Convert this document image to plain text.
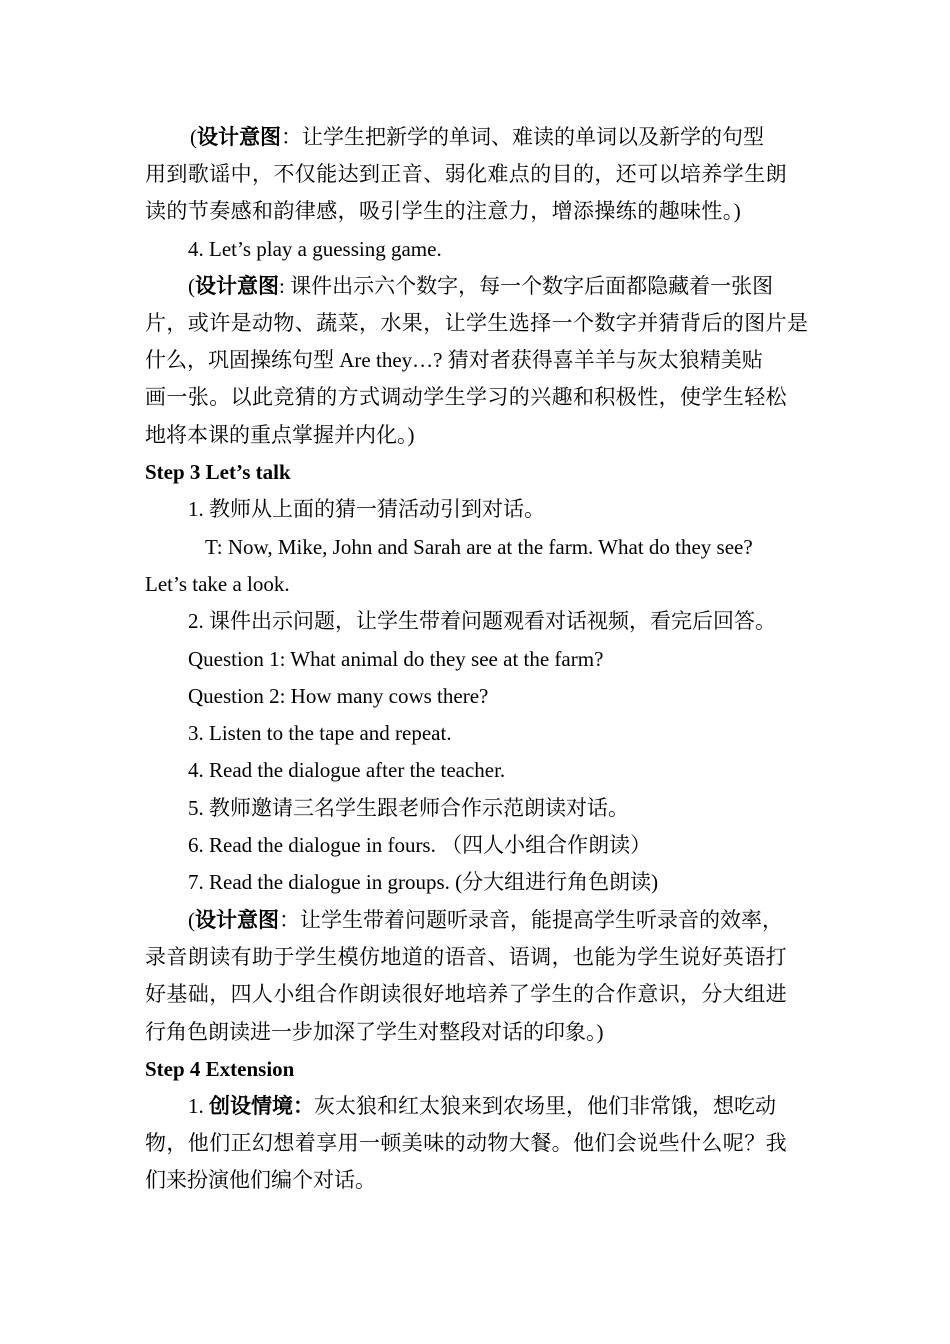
(设计意图：让学生把新学的单词、难读的单词以及新学的句型
用到歌谣中，不仅能达到正音、弱化难点的目的，还可以培养学生朗
读的节奏感和韵律感，吸引学生的注意力，增添操练的趣味性。)
4. Let’s play a guessing game.
(设计意图: 课件出示六个数字，每一个数字后面都隐藏着一张图
片，或许是动物、蔬菜，水果，让学生选择一个数字并猜背后的图片是
什么，巩固操练句型 Are they…? 猜对者获得喜羊羊与灰太狼精美贴
画一张。以此竞猜的方式调动学生学习的兴趣和积极性，使学生轻松
地将本课的重点掌握并内化。)
Step 3 Let’s talk
1. 教师从上面的猜一猜活动引到对话。
T: Now, Mike, John and Sarah are at the farm. What do they see?
Let’s take a look.
2. 课件出示问题，让学生带着问题观看对话视频，看完后回答。
Question 1: What animal do they see at the farm?
Question 2: How many cows there?
3. Listen to the tape and repeat.
4. Read the dialogue after the teacher.
5. 教师邀请三名学生跟老师合作示范朗读对话。
6. Read the dialogue in fours. （四人小组合作朗读）
7. Read the dialogue in groups. (分大组进行角色朗读)
(设计意图：让学生带着问题听录音，能提高学生听录音的效率，
录音朗读有助于学生模仿地道的语音、语调，也能为学生说好英语打
好基础，四人小组合作朗读很好地培养了学生的合作意识，分大组进
行角色朗读进一步加深了学生对整段对话的印象。)
Step 4 Extension
1. 创设情境：灰太狼和红太狼来到农场里，他们非常饿，想吃动
物，他们正幻想着享用一顿美味的动物大餐。他们会说些什么呢？我
们来扮演他们编个对话。
